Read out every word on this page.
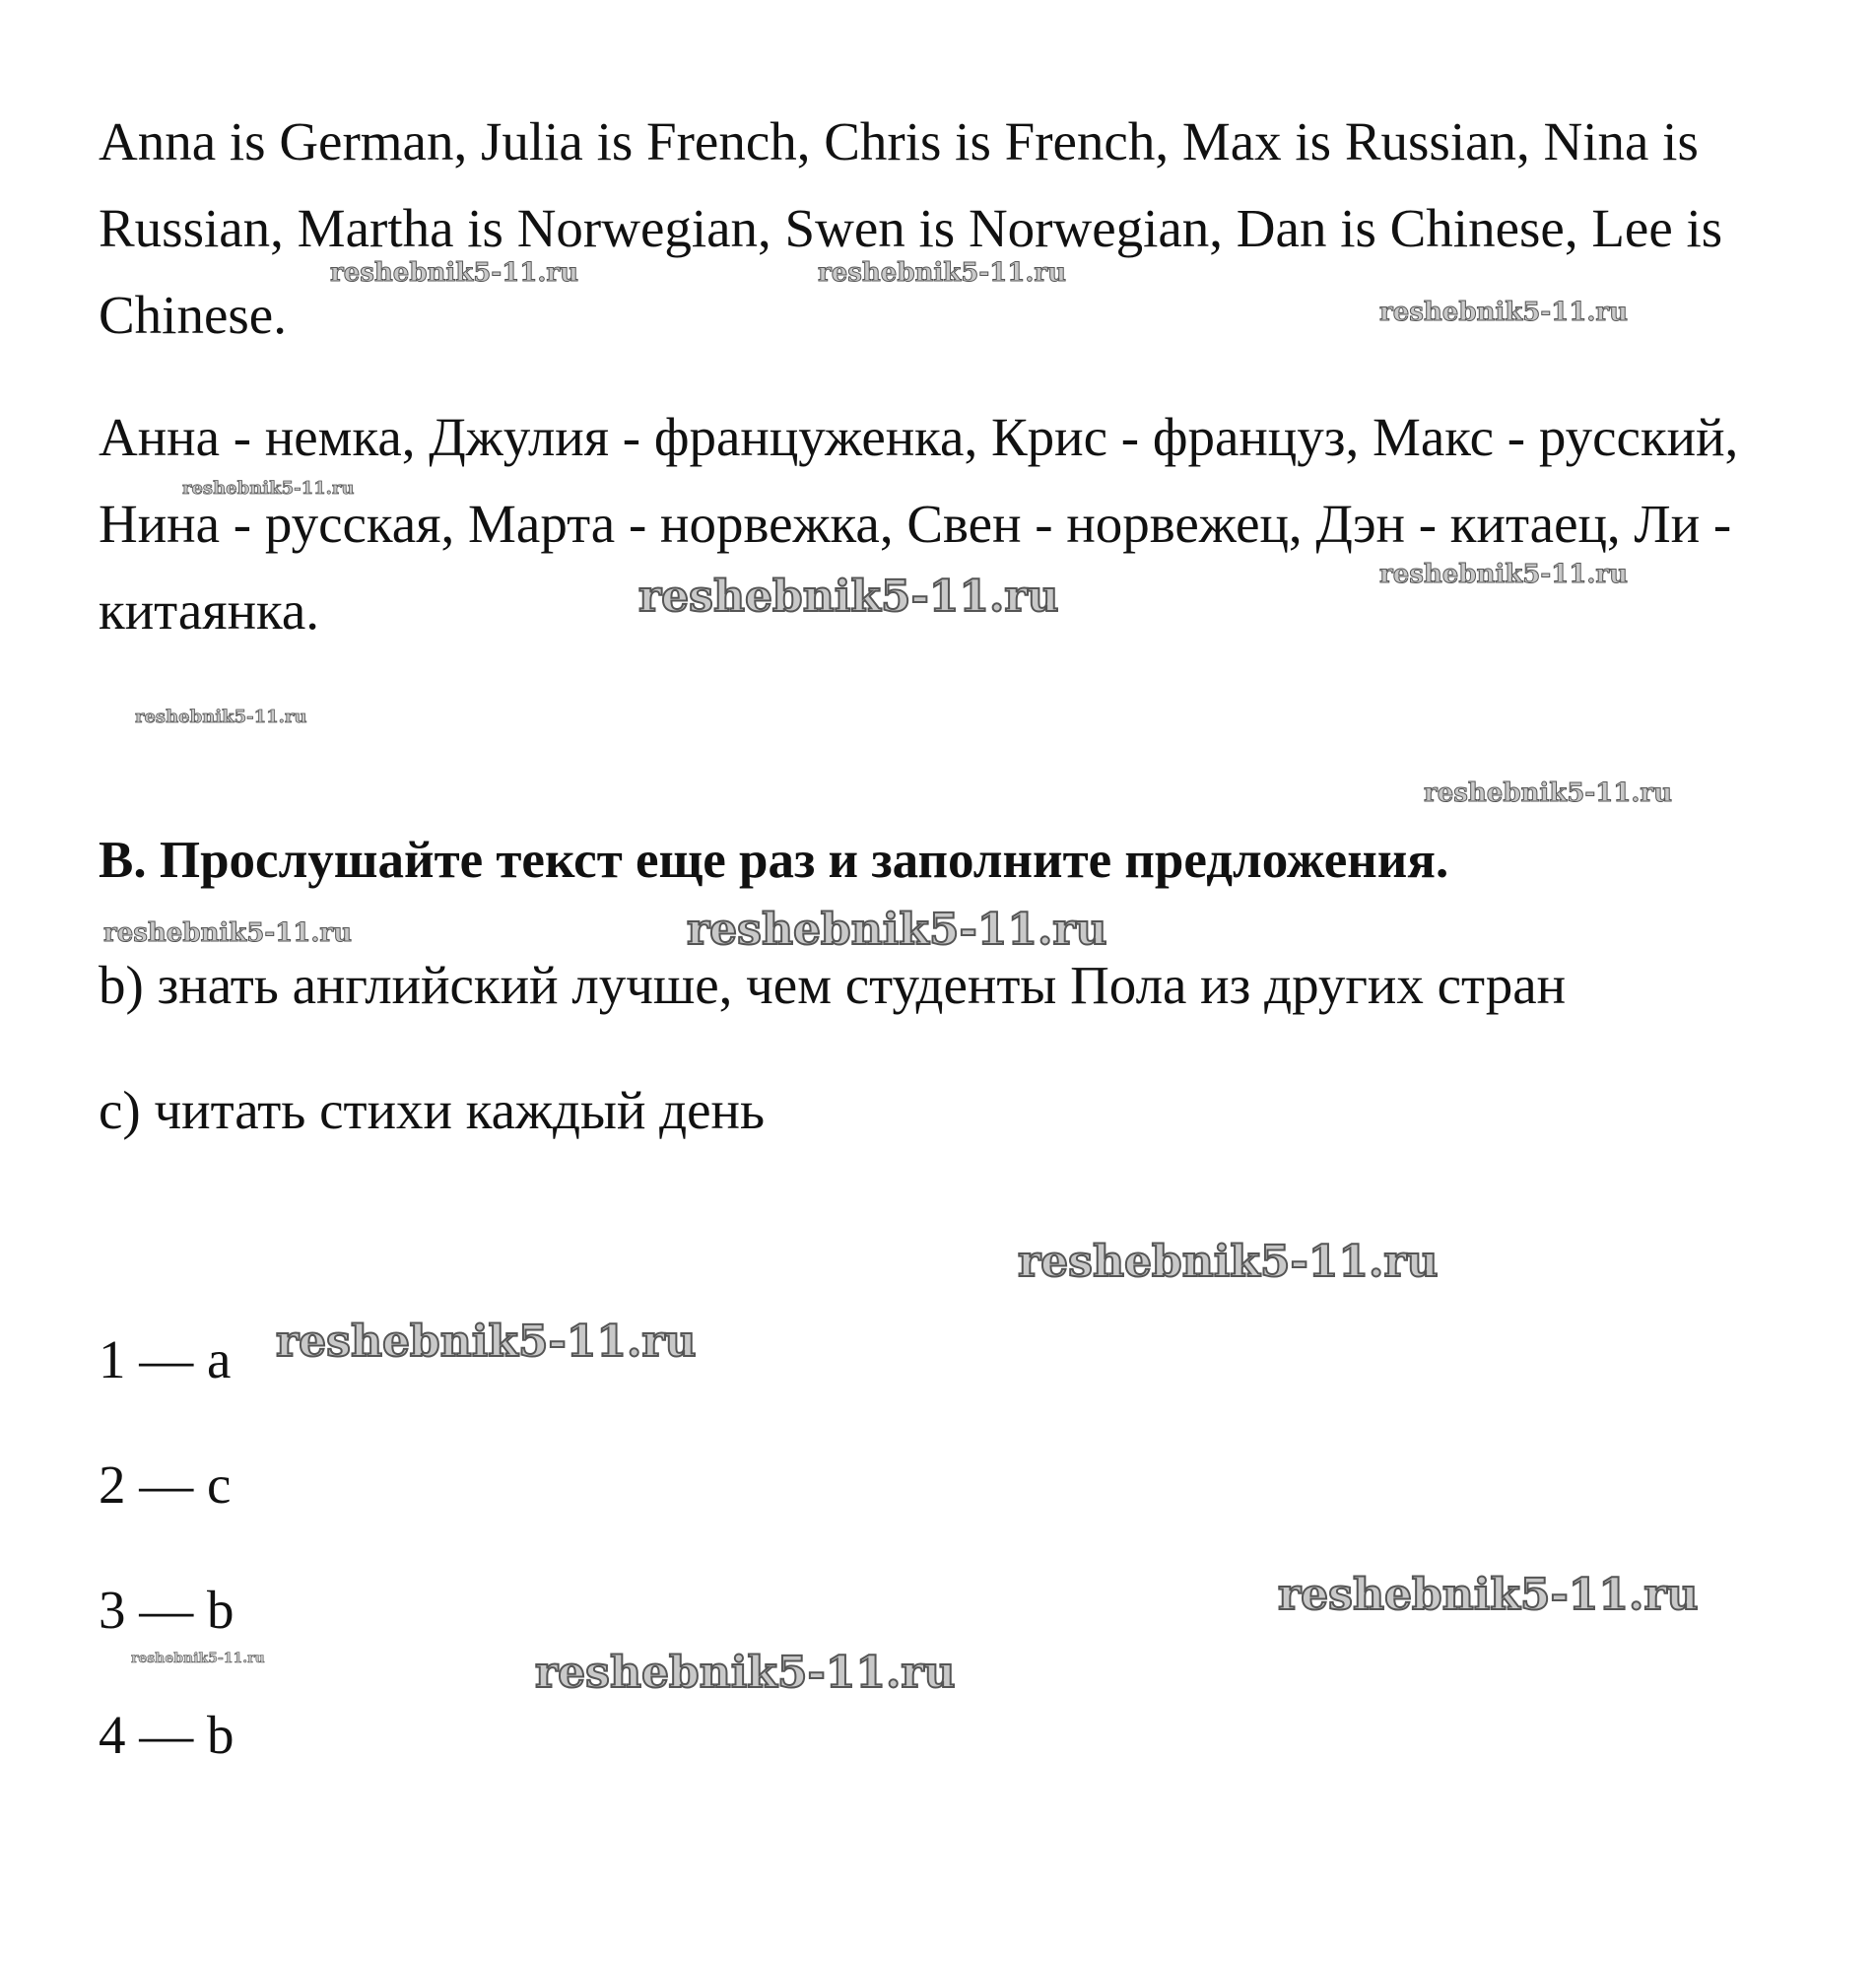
Anna is German, Julia is French, Chris is French, Max is Russian, Nina is Russian, Martha is Norwegian, Swen is Norwegian, Dan is Chinese, Lee is Chinese.

Анна - немка, Джулия - француженка, Крис - француз, Макс - русский, Нина - русская, Марта - норвежка, Свен - норвежец, Дэн - китаец, Ли - китаянка.

B. Прослушайте текст еще раз и заполните предложения.

b) знать английский лучше, чем студенты Пола из других стран

c) читать стихи каждый день

1 — a

2 — c

3 — b

4 — b

reshebnik5-11.ru	reshebnik5-11.ru
reshebnik5-11.ru
reshebnik5-11.ru
reshebnik5-11.ru
reshebnik5-11.ru
reshebnik5-11.ru
reshebnik5-11.ru
reshebnik5-11.ru	reshebnik5-11.ru
reshebnik5-11.ru
reshebnik5-11.ru
reshebnik5-11.ru
reshebnik5-11.ru	reshebnik5-11.ru
